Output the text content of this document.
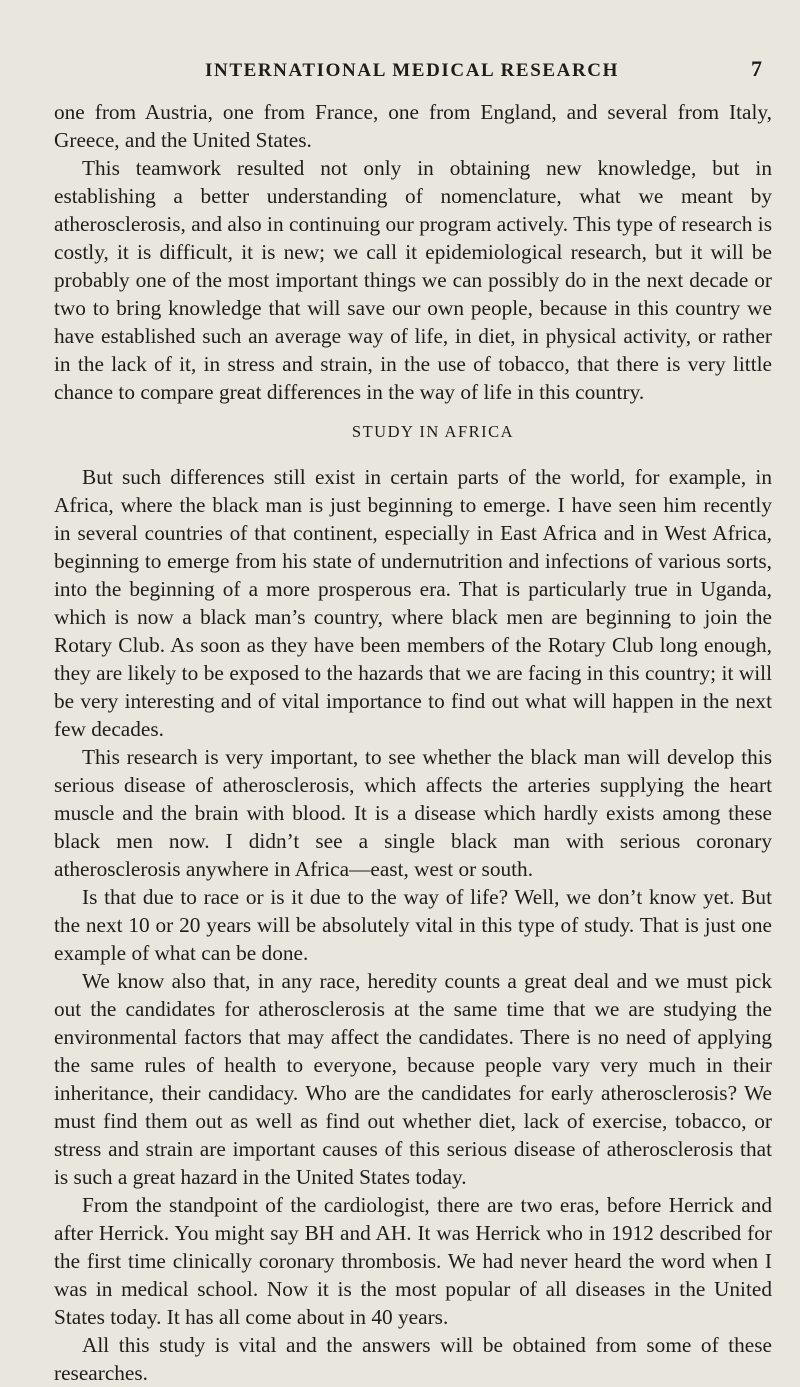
INTERNATIONAL MEDICAL RESEARCH	7

one from Austria, one from France, one from England, and several from Italy, Greece, and the United States.

This teamwork resulted not only in obtaining new knowledge, but in establishing a better understanding of nomenclature, what we meant by atherosclerosis, and also in continuing our program actively. This type of research is costly, it is difficult, it is new; we call it epidemiological research, but it will be probably one of the most important things we can possibly do in the next decade or two to bring knowledge that will save our own people, because in this country we have established such an average way of life, in diet, in physical activity, or rather in the lack of it, in stress and strain, in the use of tobacco, that there is very little chance to compare great differences in the way of life in this country.

STUDY IN AFRICA

But such differences still exist in certain parts of the world, for example, in Africa, where the black man is just beginning to emerge. I have seen him recently in several countries of that continent, especially in East Africa and in West Africa, beginning to emerge from his state of undernutrition and infections of various sorts, into the beginning of a more prosperous era. That is particularly true in Uganda, which is now a black man’s country, where black men are beginning to join the Rotary Club. As soon as they have been members of the Rotary Club long enough, they are likely to be exposed to the hazards that we are facing in this country; it will be very interesting and of vital importance to find out what will happen in the next few decades.

This research is very important, to see whether the black man will develop this serious disease of atherosclerosis, which affects the arteries supplying the heart muscle and the brain with blood. It is a disease which hardly exists among these black men now. I didn’t see a single black man with serious coronary atherosclerosis anywhere in Africa—east, west or south.

Is that due to race or is it due to the way of life? Well, we don’t know yet. But the next 10 or 20 years will be absolutely vital in this type of study. That is just one example of what can be done.

We know also that, in any race, heredity counts a great deal and we must pick out the candidates for atherosclerosis at the same time that we are studying the environmental factors that may affect the candidates. There is no need of applying the same rules of health to everyone, because people vary very much in their inheritance, their candidacy. Who are the candidates for early atherosclerosis? We must find them out as well as find out whether diet, lack of exercise, tobacco, or stress and strain are important causes of this serious disease of atherosclerosis that is such a great hazard in the United States today.

From the standpoint of the cardiologist, there are two eras, before Herrick and after Herrick. You might say BH and AH. It was Herrick who in 1912 described for the first time clinically coronary thrombosis. We had never heard the word when I was in medical school. Now it is the most popular of all diseases in the United States today. It has all come about in 40 years.

All this study is vital and the answers will be obtained from some of these researches.
